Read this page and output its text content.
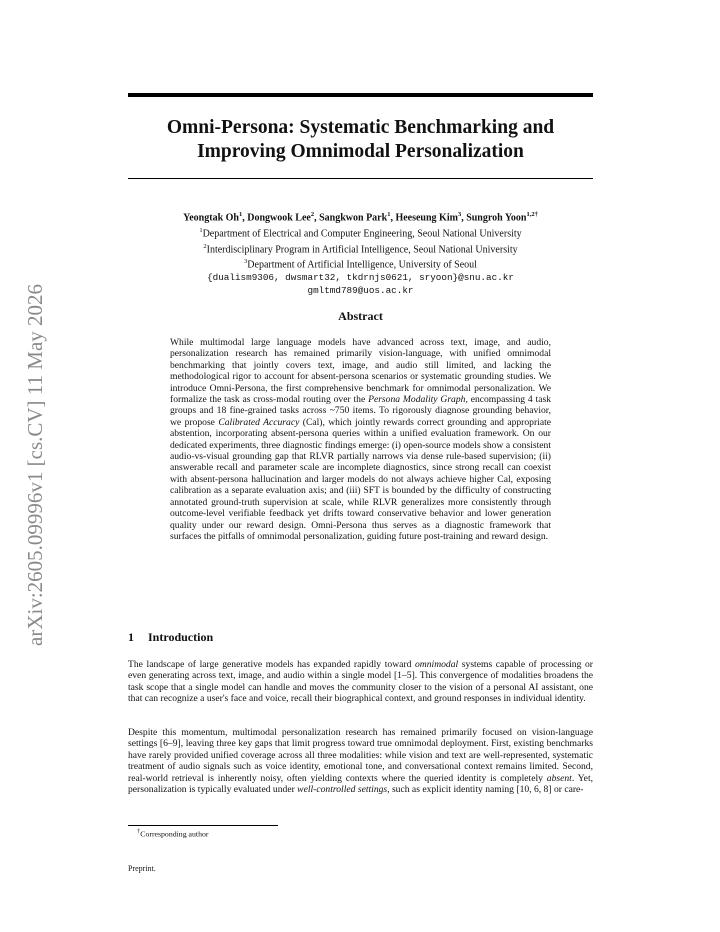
arXiv:2605.09996v1 [cs.CV] 11 May 2026
Omni-Persona: Systematic Benchmarking and
Improving Omnimodal Personalization
Yeongtak Oh$^1$, Dongwook Lee$^2$, Sangkwon Park$^1$, Heeseung Kim$^3$, Sungroh Yoon$^{1,2\dagger}$
$^1$Department of Electrical and Computer Engineering, Seoul National University
$^2$Interdisciplinary Program in Artificial Intelligence, Seoul National University
$^3$Department of Artificial Intelligence, University of Seoul
{dualism9306, dwsmart32, tkdrnjs0621, sryoon}@snu.ac.kr
gmltmd789@uos.ac.kr
Abstract
While multimodal large language models have advanced across text, image, and audio, personalization research has remained primarily vision-language, with unified omnimodal benchmarking that jointly covers text, image, and audio still limited, and lacking the methodological rigor to account for absent-persona scenarios or systematic grounding studies. We introduce Omni-Persona, the first comprehensive benchmark for omnimodal personalization. We formalize the task as cross-modal routing over the Persona Modality Graph, encompassing 4 task groups and 18 fine-grained tasks across ~750 items. To rigorously diagnose grounding behavior, we propose Calibrated Accuracy (Cal), which jointly rewards correct grounding and appropriate abstention, incorporating absent-persona queries within a unified evaluation framework. On our dedicated experiments, three diagnostic findings emerge: (i) open-source models show a consistent audio-vs-visual grounding gap that RLVR partially narrows via dense rule-based supervision; (ii) answerable recall and parameter scale are incomplete diagnostics, since strong recall can coexist with absent-persona hallucination and larger models do not always achieve higher Cal, exposing calibration as a separate evaluation axis; and (iii) SFT is bounded by the difficulty of constructing annotated ground-truth supervision at scale, while RLVR generalizes more consistently through outcome-level verifiable feedback yet drifts toward conservative behavior and lower generation quality under our reward design. Omni-Persona thus serves as a diagnostic framework that surfaces the pitfalls of omnimodal personalization, guiding future post-training and reward design.
1 Introduction
The landscape of large generative models has expanded rapidly toward omnimodal systems capable of processing or even generating across text, image, and audio within a single model [1–5]. This convergence of modalities broadens the task scope that a single model can handle and moves the community closer to the vision of a personal AI assistant, one that can recognize a user's face and voice, recall their biographical context, and ground responses in individual identity.
Despite this momentum, multimodal personalization research has remained primarily focused on vision-language settings [6–9], leaving three key gaps that limit progress toward true omnimodal deployment. First, existing benchmarks have rarely provided unified coverage across all three modalities: while vision and text are well-represented, systematic treatment of audio signals such as voice identity, emotional tone, and conversational context remains limited. Second, real-world retrieval is inherently noisy, often yielding contexts where the queried identity is completely absent. Yet, personalization is typically evaluated under well-controlled settings, such as explicit identity naming [10, 6, 8] or care-
†Corresponding author
Preprint.
